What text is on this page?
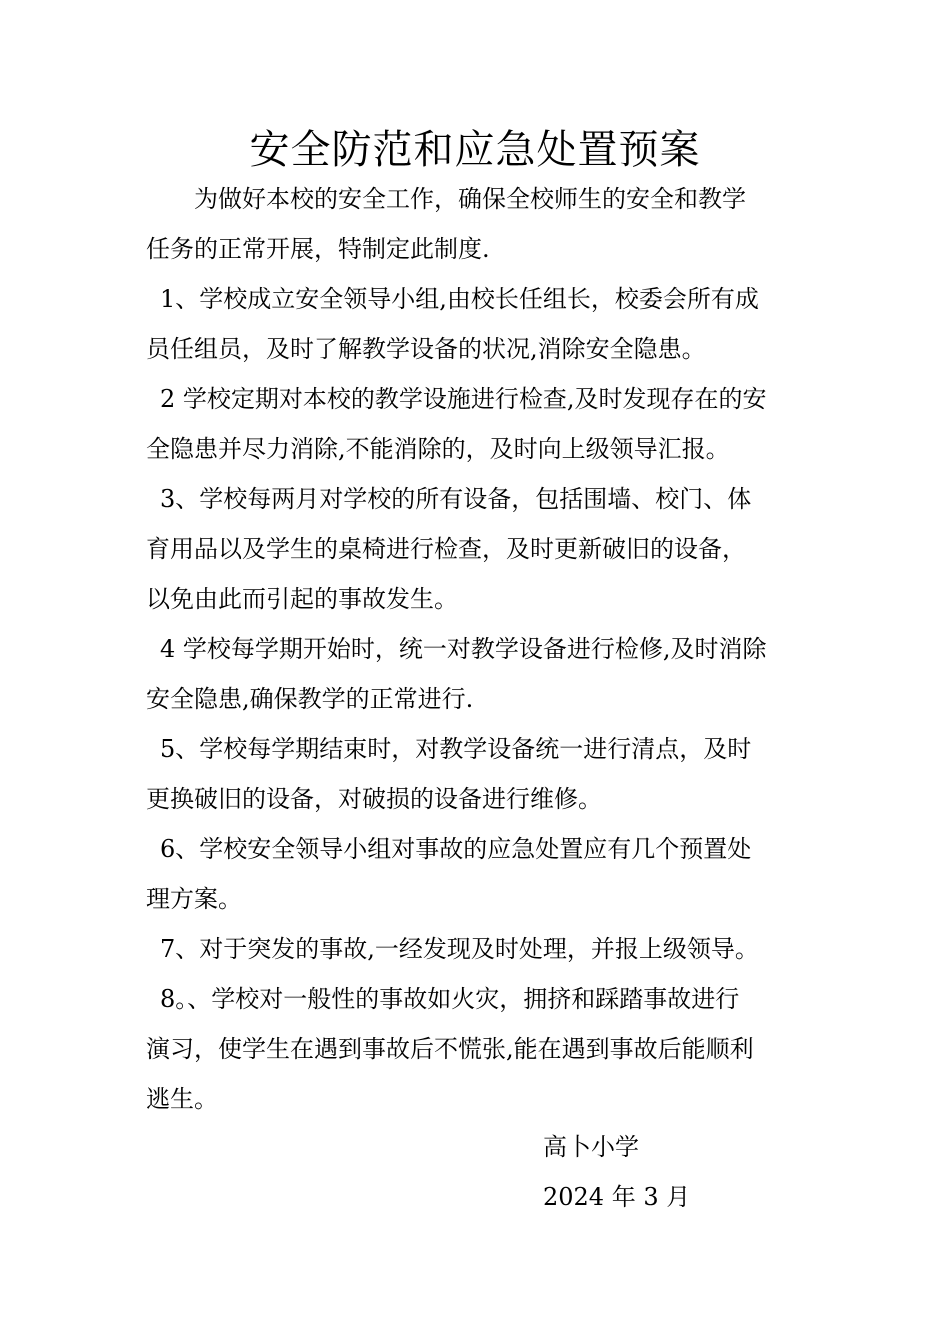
安全防范和应急处置预案
为做好本校的安全工作，确保全校师生的安全和教学
任务的正常开展，特制定此制度.
1、学校成立安全领导小组,由校长任组长，校委会所有成
员任组员，及时了解教学设备的状况,消除安全隐患。
2 学校定期对本校的教学设施进行检查,及时发现存在的安
全隐患并尽力消除,不能消除的，及时向上级领导汇报。
3、学校每两月对学校的所有设备，包括围墙、校门、体
育用品以及学生的桌椅进行检查，及时更新破旧的设备，
以免由此而引起的事故发生。
4 学校每学期开始时，统一对教学设备进行检修,及时消除
安全隐患,确保教学的正常进行.
5、学校每学期结束时，对教学设备统一进行清点，及时
更换破旧的设备，对破损的设备进行维修。
6、学校安全领导小组对事故的应急处置应有几个预置处
理方案。
7、对于突发的事故,一经发现及时处理，并报上级领导。
8。、学校对一般性的事故如火灾，拥挤和踩踏事故进行
演习，使学生在遇到事故后不慌张,能在遇到事故后能顺利
逃生。
高卜小学
2024 年 3 月
